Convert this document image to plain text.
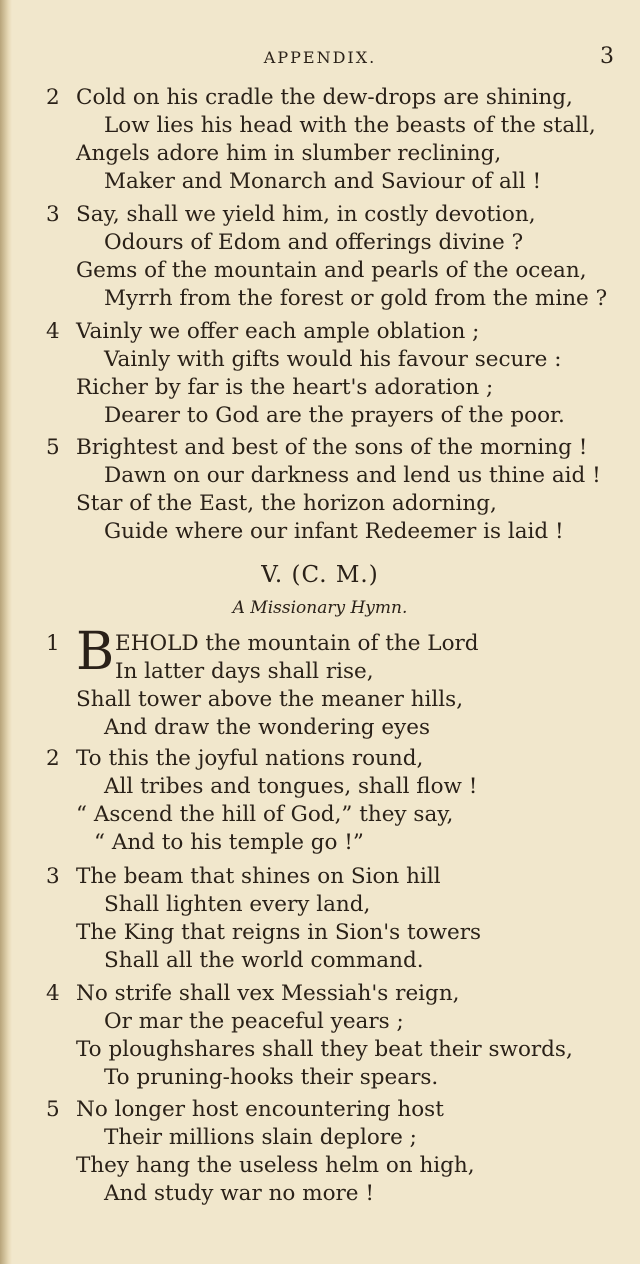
APPENDIX.	3
2 Cold on his cradle the dew-drops are shining,
Low lies his head with the beasts of the stall,
Angels adore him in slumber reclining,
Maker and Monarch and Saviour of all !
3 Say, shall we yield him, in costly devotion,
Odours of Edom and offerings divine ?
Gems of the mountain and pearls of the ocean,
Myrrh from the forest or gold from the mine ?
4 Vainly we offer each ample oblation ;
Vainly with gifts would his favour secure :
Richer by far is the heart's adoration ;
Dearer to God are the prayers of the poor.
5 Brightest and best of the sons of the morning !
Dawn on our darkness and lend us thine aid !
Star of the East, the horizon adorning,
Guide where our infant Redeemer is laid !
V. (C. M.)
A Missionary Hymn.
1	EHOLD the mountain of the Lord
B In latter days shall rise,
Shall tower above the meaner hills,
And draw the wondering eyes
2 To this the joyful nations round,
All tribes and tongues, shall flow !
“ Ascend the hill of God,” they say,
“ And to his temple go !”
3 The beam that shines on Sion hill
Shall lighten every land,
The King that reigns in Sion's towers
Shall all the world command.
4 No strife shall vex Messiah's reign,
Or mar the peaceful years ;
To ploughshares shall they beat their swords,
To pruning-hooks their spears.
5 No longer host encountering host
Their millions slain deplore ;
They hang the useless helm on high,
And study war no more !
